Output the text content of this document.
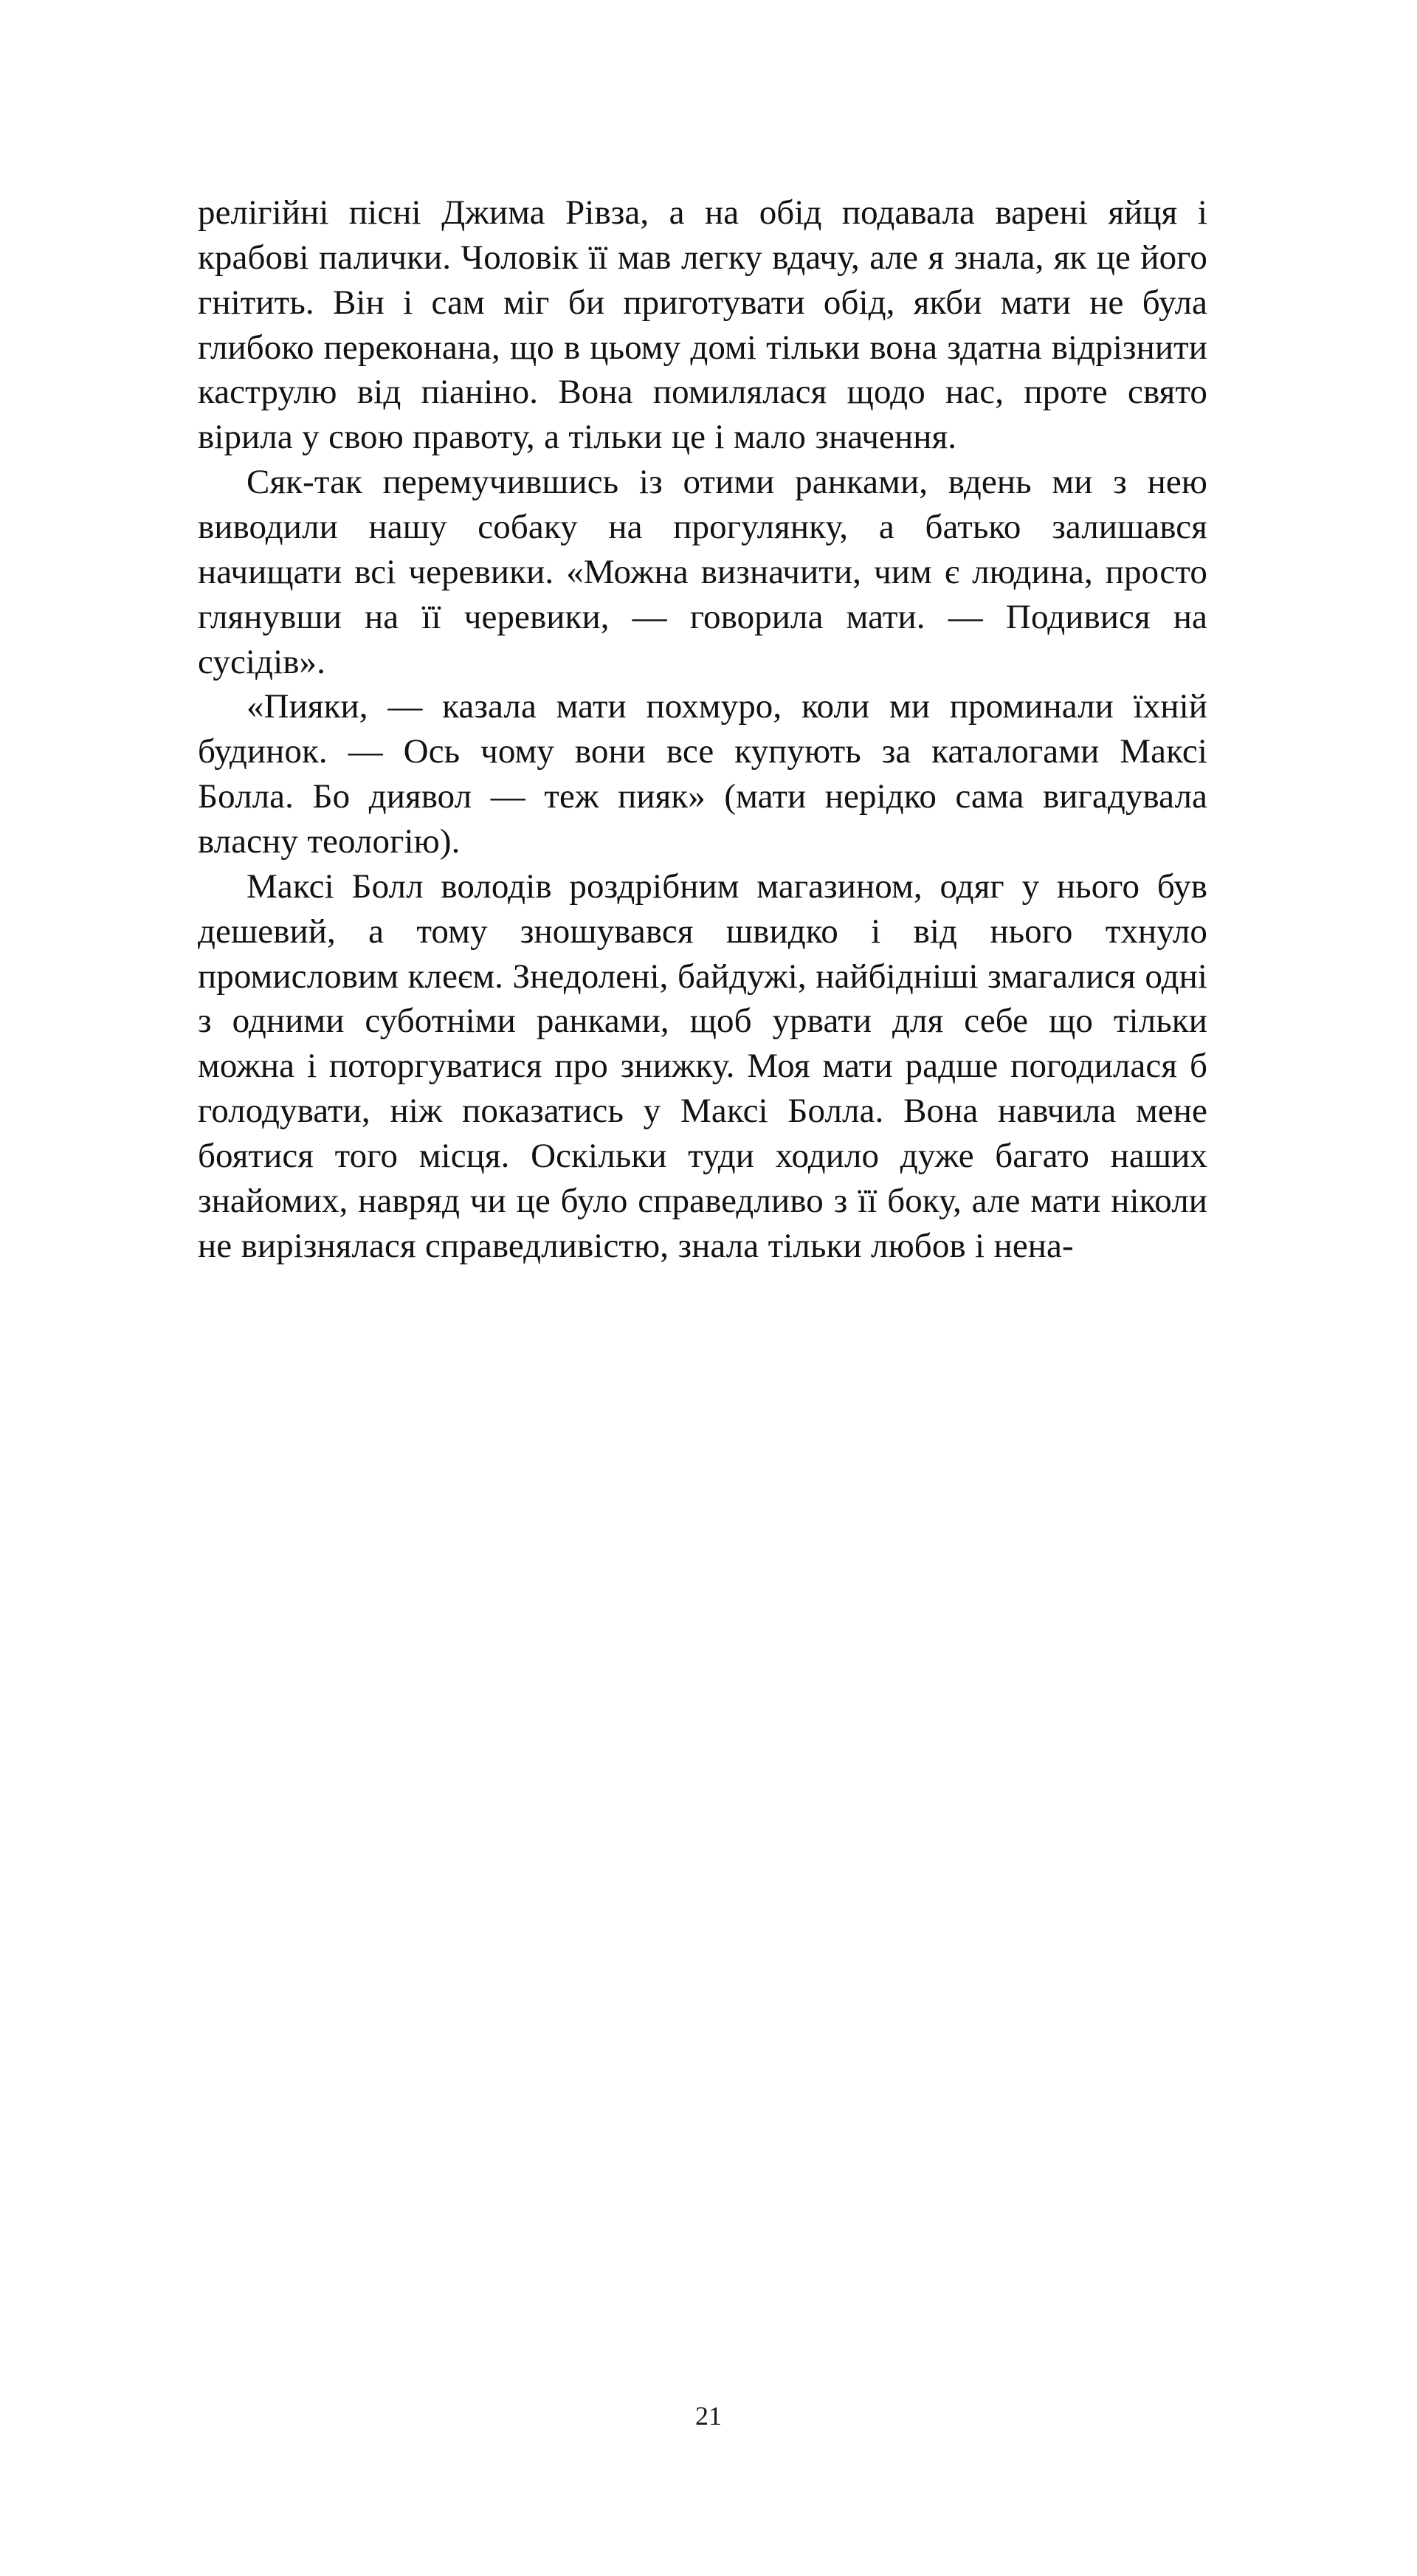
релігійні пісні Джима Рівза, а на обід подавала варені яйця і крабові палички. Чоловік її мав легку вдачу, але я знала, як це його гнітить. Він і сам міг би приготувати обід, якби мати не була глибоко переконана, що в цьому домі тільки вона здатна відрізнити каструлю від піаніно. Вона помилялася щодо нас, проте свято вірила у свою правоту, а тільки це і мало значення.

Сяк-так перемучившись із отими ранками, вдень ми з нею виводили нашу собаку на прогулянку, а батько залишався начищати всі черевики. «Можна визначити, чим є людина, просто глянувши на її черевики, — говорила мати. — Подивися на сусідів».

«Пияки, — казала мати похмуро, коли ми проминали їхній будинок. — Ось чому вони все купують за каталогами Максі Болла. Бо диявол — теж пияк» (мати нерідко сама вигадувала власну теологію).

Максі Болл володів роздрібним магазином, одяг у нього був дешевий, а тому зношувався швидко і від нього тхнуло промисловим клеєм. Знедолені, байдужі, найбідніші змагалися одні з одними суботніми ранками, щоб урвати для себе що тільки можна і поторгуватися про знижку. Моя мати радше погодилася б голодувати, ніж показатись у Максі Болла. Вона навчила мене боятися того місця. Оскільки туди ходило дуже багато наших знайомих, навряд чи це було справедливо з її боку, але мати ніколи не вирізнялася справедливістю, знала тільки любов і нена-

21
